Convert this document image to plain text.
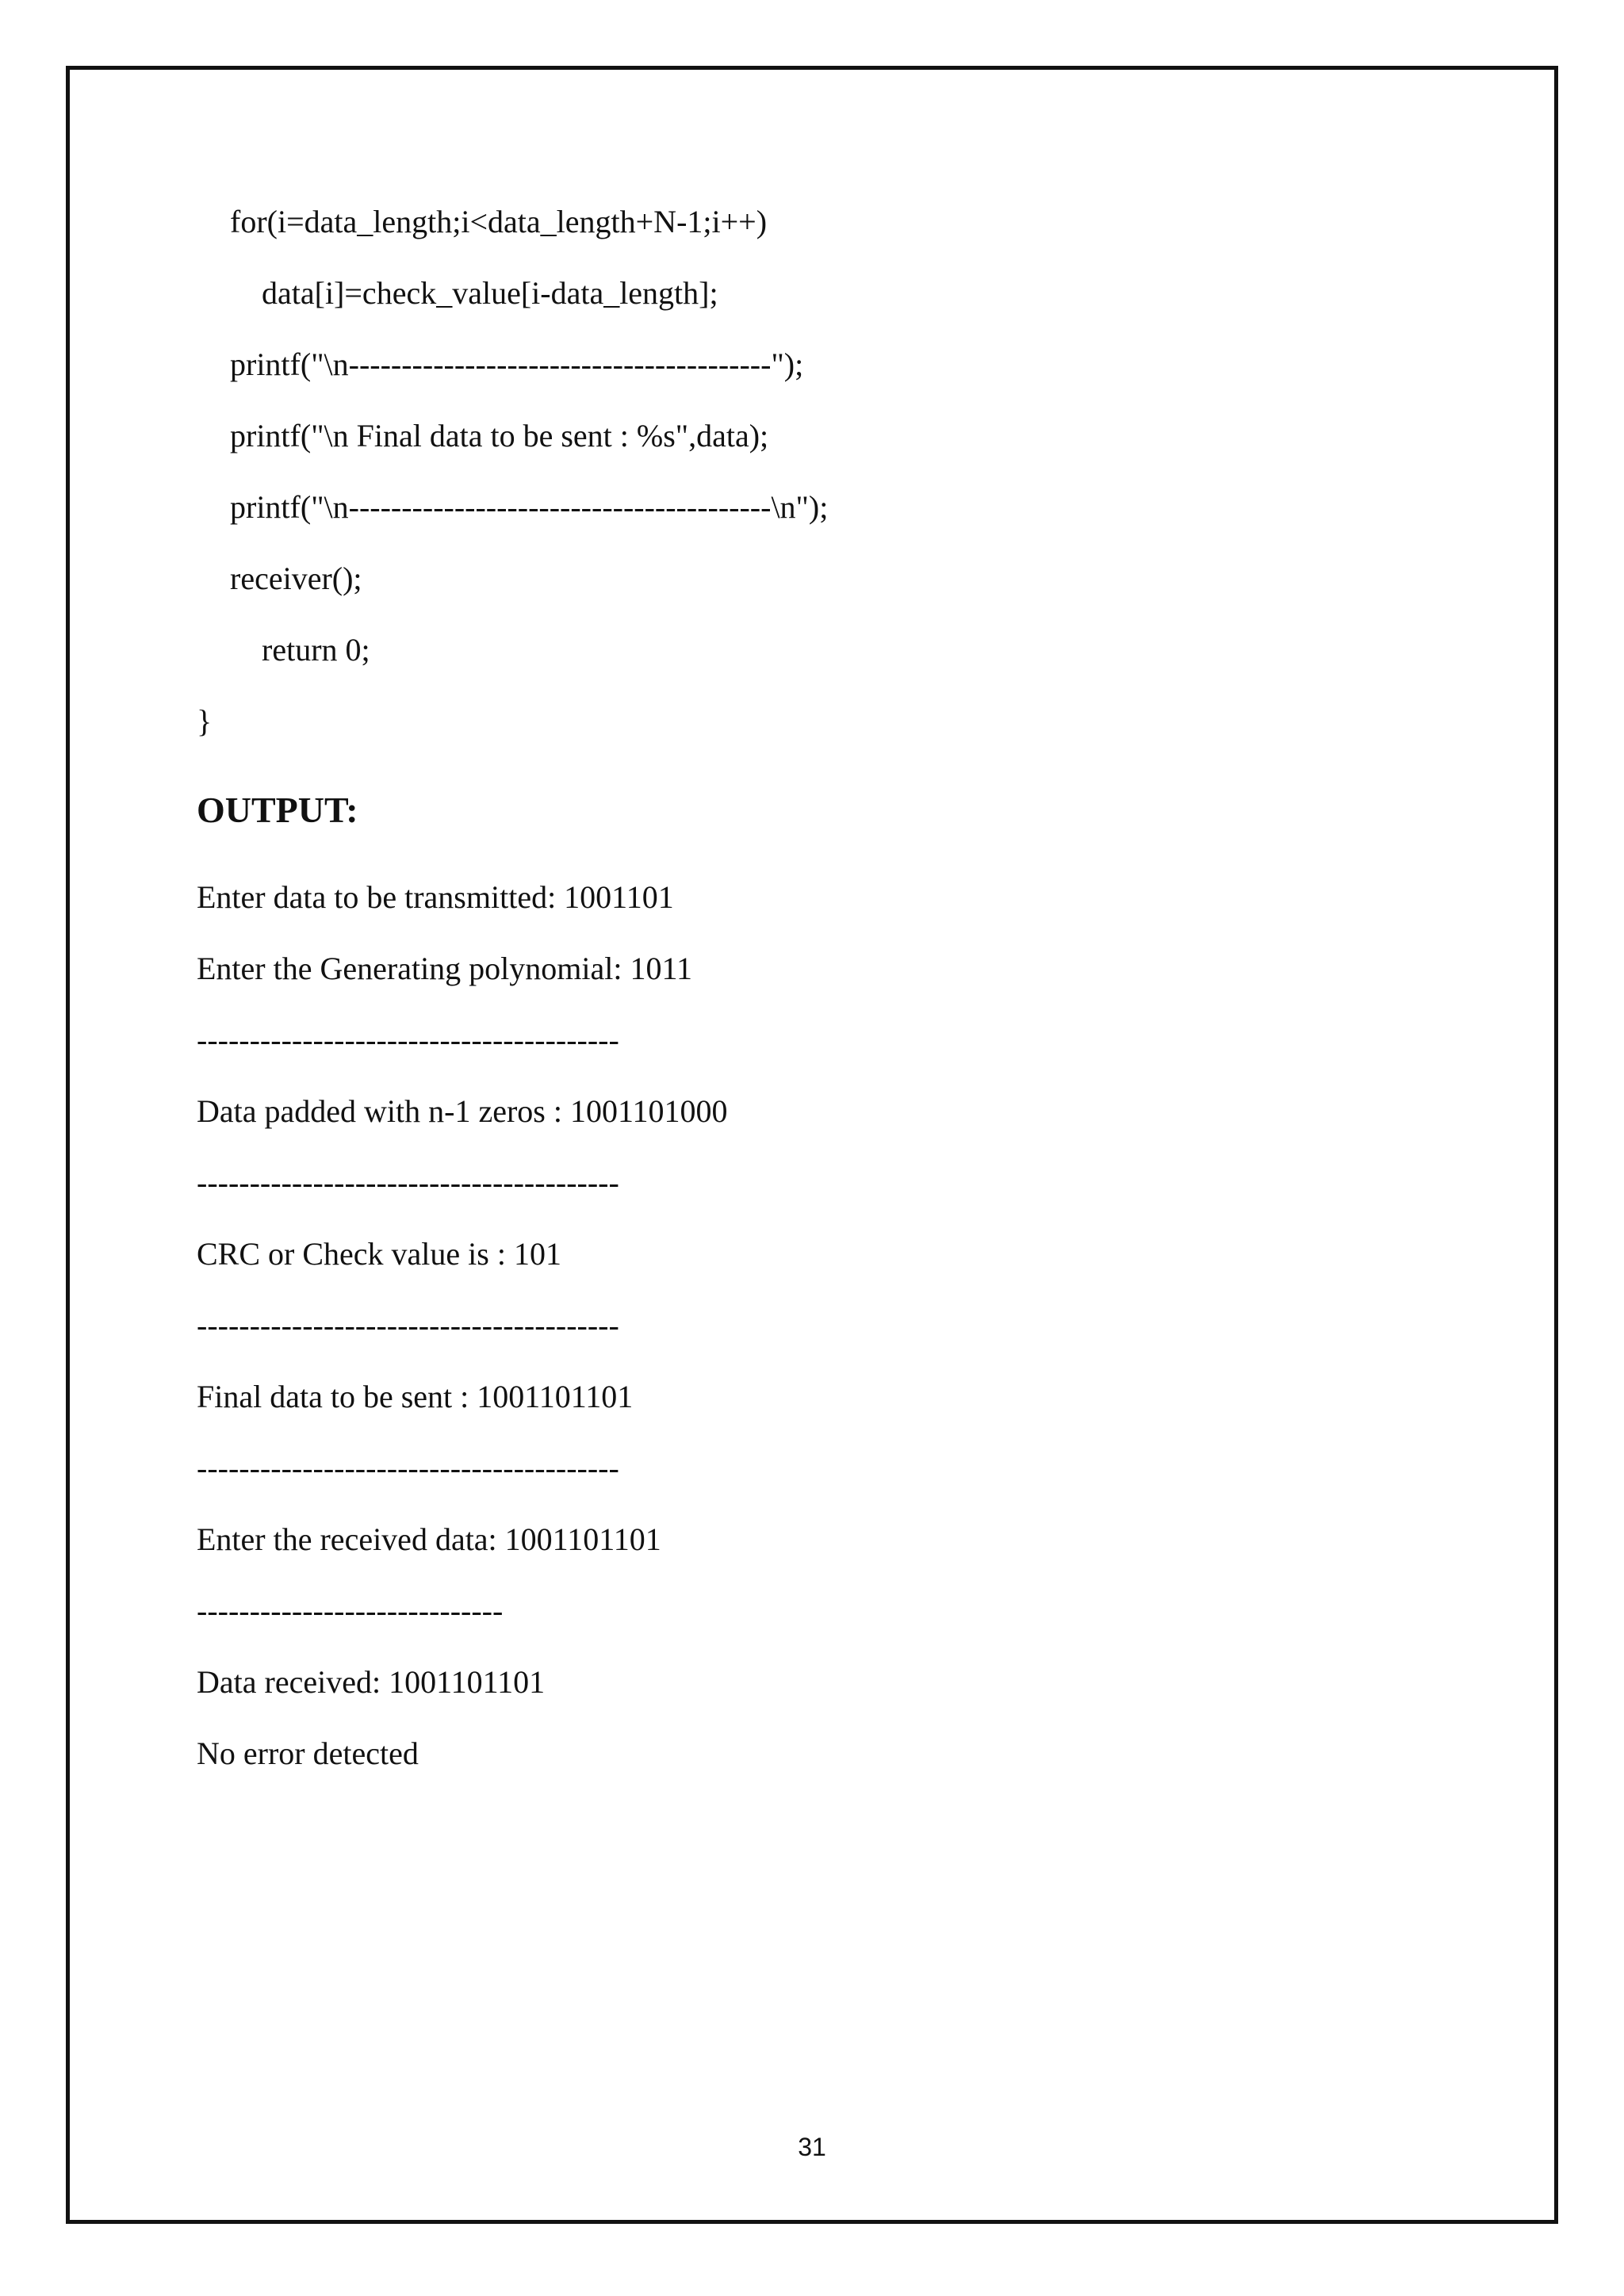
for(i=data_length;i<data_length+N-1;i++)
data[i]=check_value[i-data_length];
printf("\n----------------------------------------");
printf("\n Final data to be sent : %s",data);
printf("\n----------------------------------------\n");
receiver();
return 0;
}
OUTPUT:
Enter data to be transmitted: 1001101
Enter the Generating polynomial: 1011
----------------------------------------
Data padded with n-1 zeros : 1001101000
----------------------------------------
CRC or Check value is : 101
----------------------------------------
Final data to be sent : 1001101101
----------------------------------------
Enter the received data: 1001101101
-----------------------------
Data received: 1001101101
No error detected
31
